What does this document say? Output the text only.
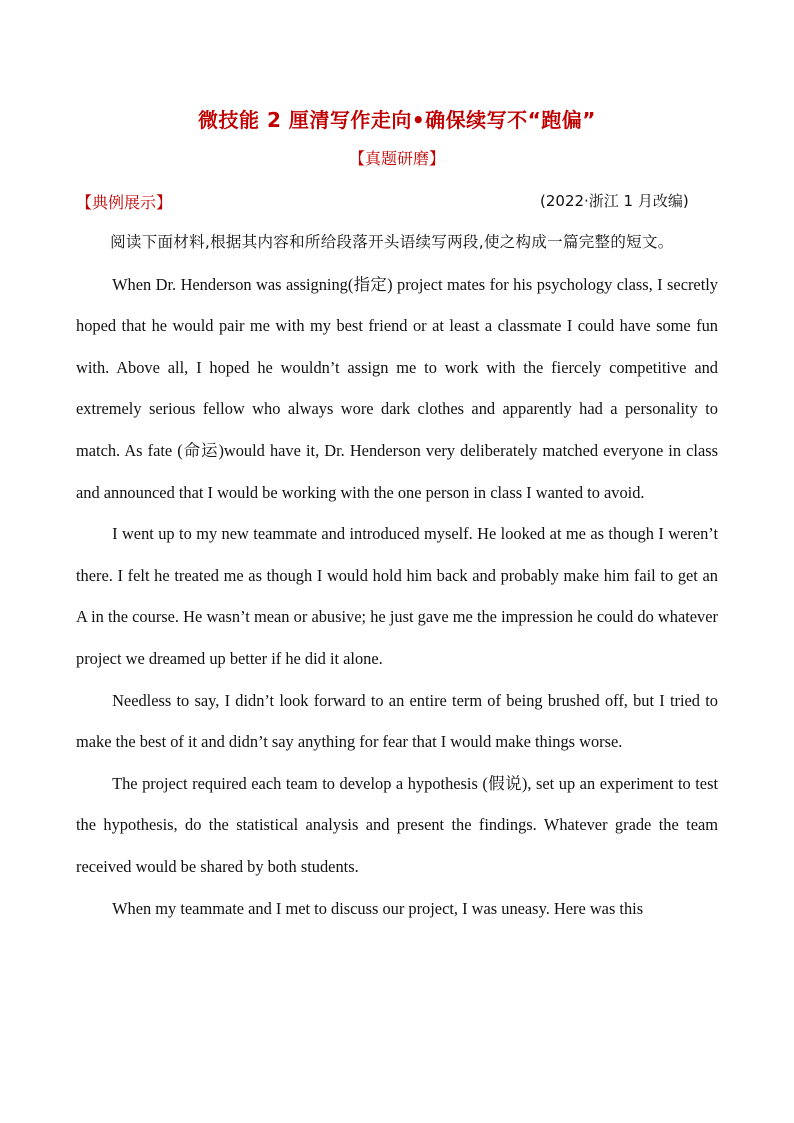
微技能 2 厘清写作走向•确保续写不“跑偏”
【真题研磨】
【典例展示】	(2022·浙江 1 月改编)

阅读下面材料,根据其内容和所给段落开头语续写两段,使之构成一篇完整的短文。

When Dr. Henderson was assigning(指定) project mates for his psychology class, I secretly hoped that he would pair me with my best friend or at least a classmate I could have some fun with. Above all, I hoped he wouldn’t assign me to work with the fiercely competitive and extremely serious fellow who always wore dark clothes and apparently had a personality to match. As fate (命运)would have it, Dr. Henderson very deliberately matched everyone in class and announced that I would be working with the one person in class I wanted to avoid.

I went up to my new teammate and introduced myself. He looked at me as though I weren’t there. I felt he treated me as though I would hold him back and probably make him fail to get an A in the course. He wasn’t mean or abusive; he just gave me the impression he could do whatever project we dreamed up better if he did it alone.

Needless to say, I didn’t look forward to an entire term of being brushed off, but I tried to make the best of it and didn’t say anything for fear that I would make things worse.

The project required each team to develop a hypothesis (假说), set up an experiment to test the hypothesis, do the statistical analysis and present the findings. Whatever grade the team received would be shared by both students.

When my teammate and I met to discuss our project, I was uneasy. Here was this
